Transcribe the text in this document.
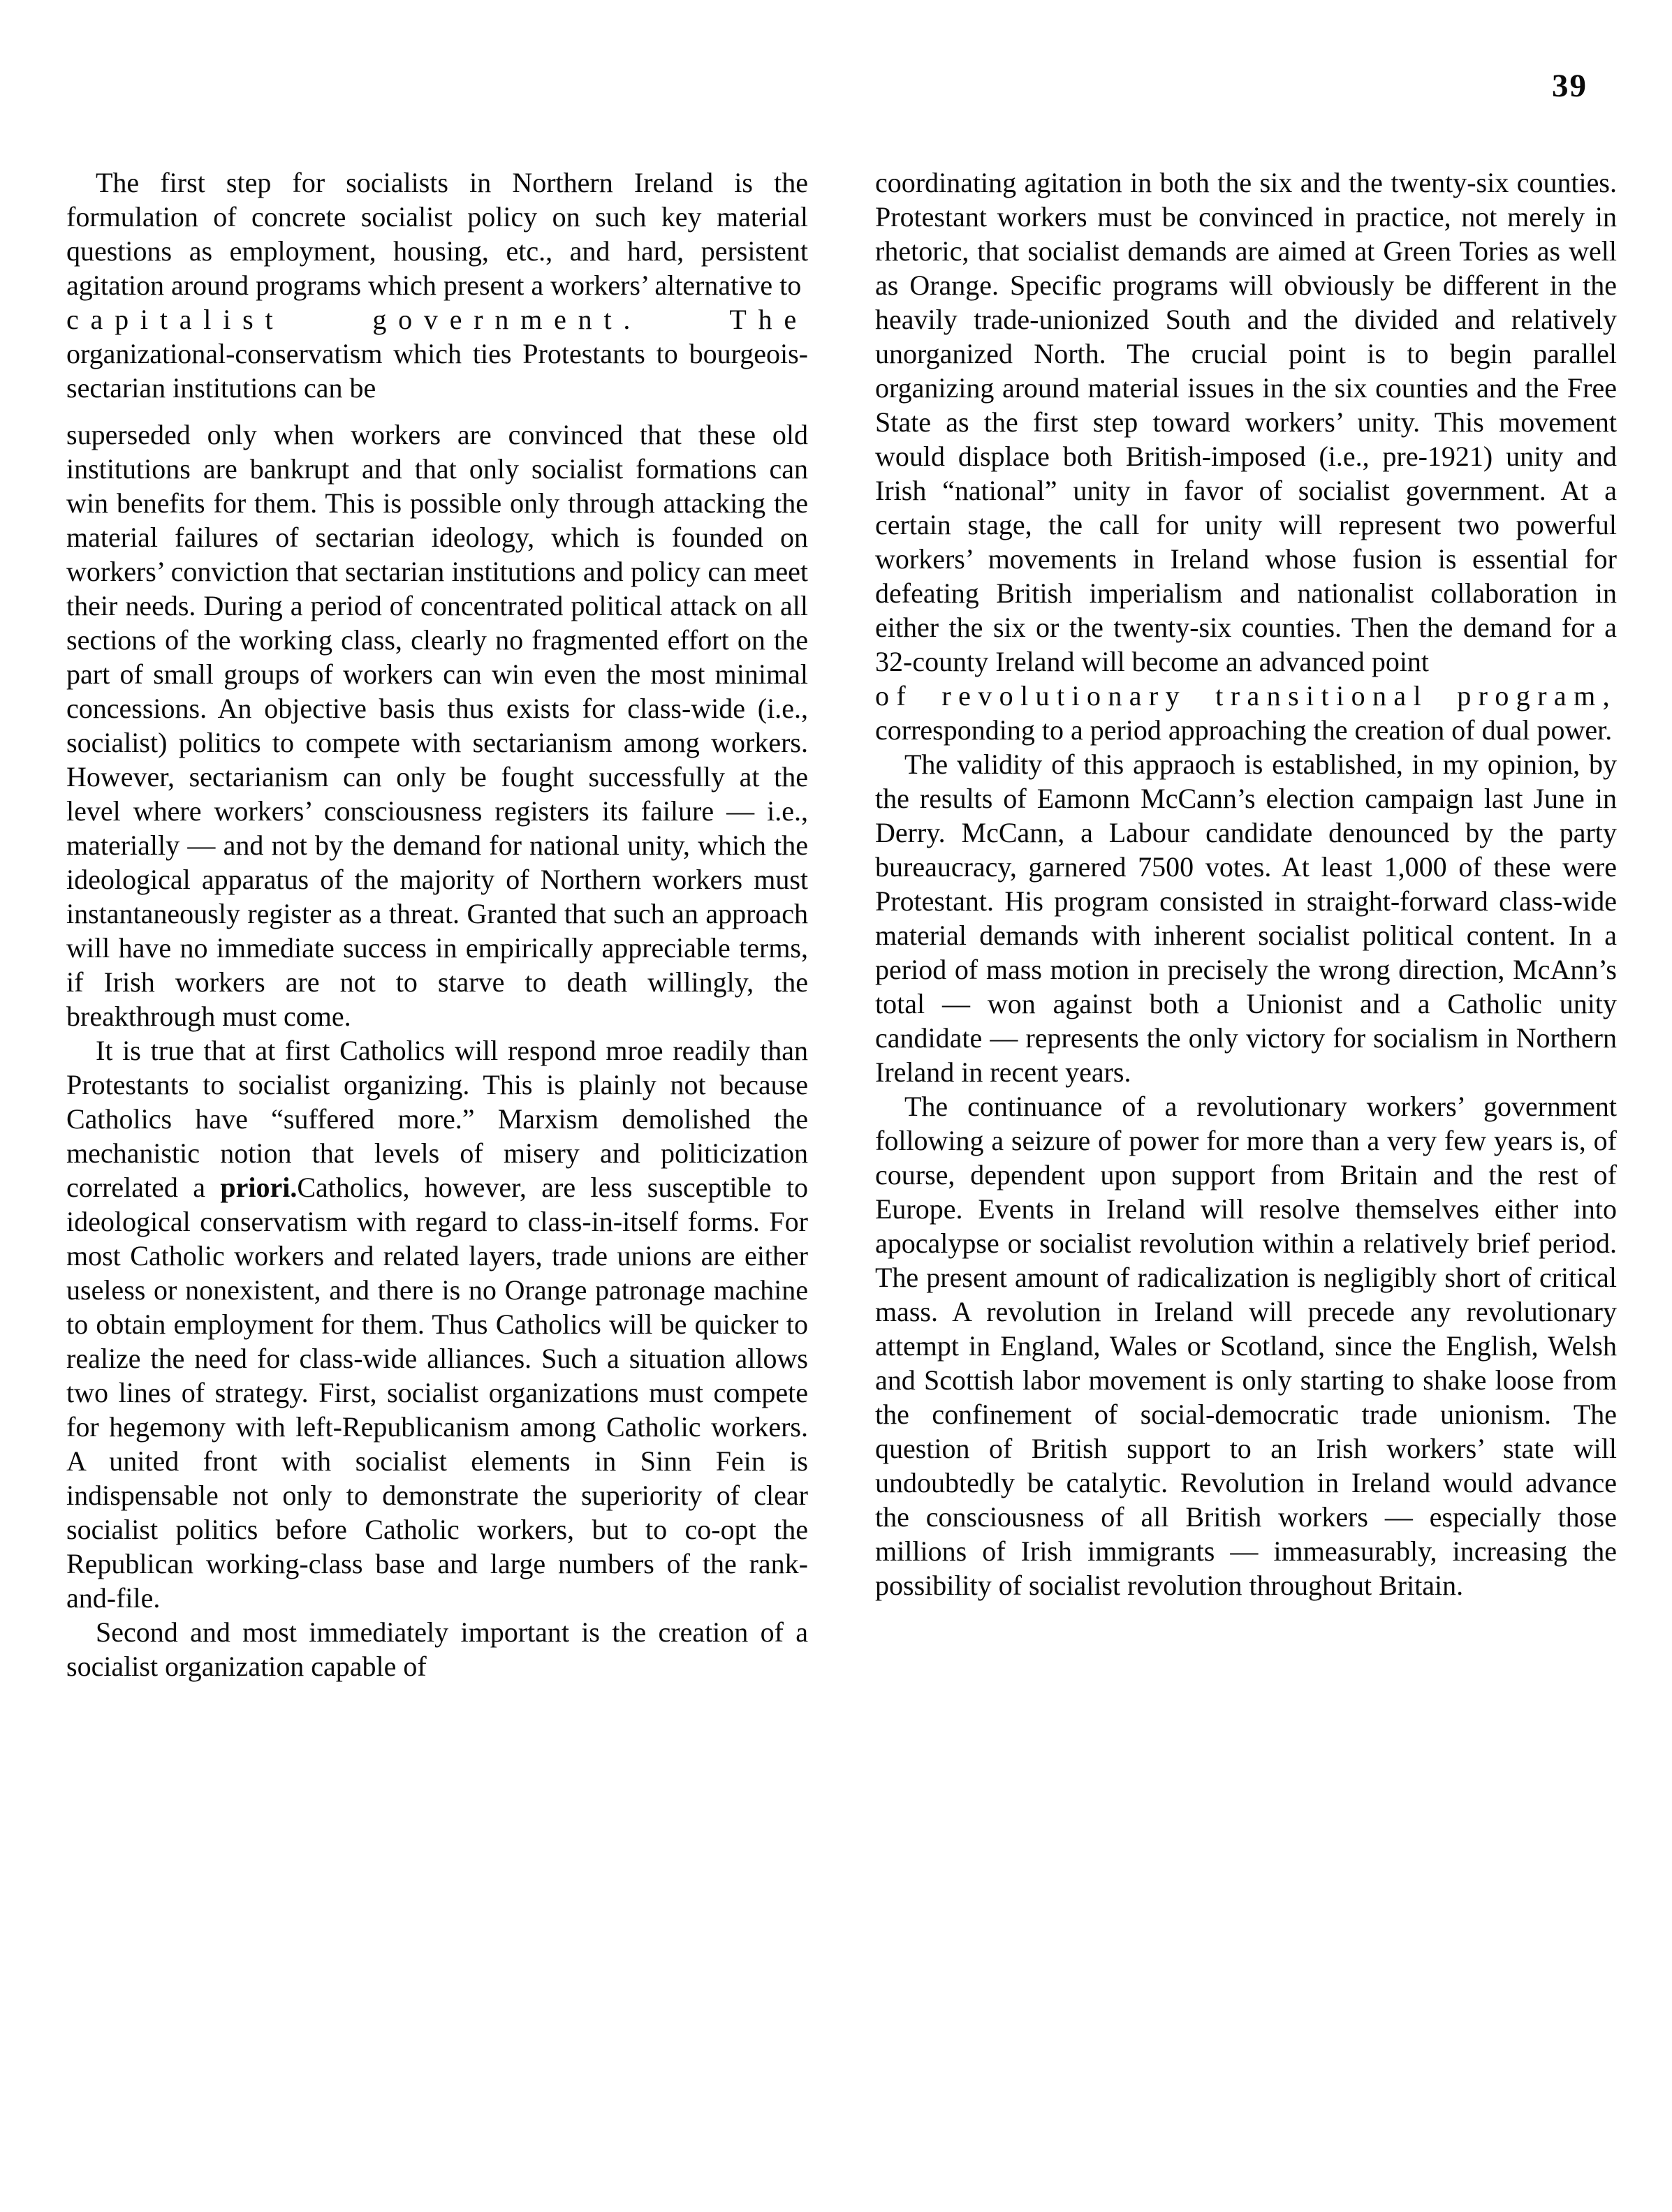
39
The first step for socialists in Northern Ireland is the formulation of concrete socialist policy on such key material questions as employment, housing, etc., and hard, persistent agitation around programs which present a workers’ alternative to
capitalist government. The
organizational-conservatism which ties Protestants to bourgeois-sectarian institutions can be
superseded only when workers are convinced that these old institutions are bankrupt and that only socialist formations can win benefits for them. This is possible only through attacking the material failures of sectarian ideology, which is founded on workers’ conviction that sectarian institutions and policy can meet their needs. During a period of concentrated political attack on all sections of the working class, clearly no fragmented effort on the part of small groups of workers can win even the most minimal concessions. An objective basis thus exists for class-wide (i.e., socialist) politics to compete with sectarianism among workers. However, sectarianism can only be fought successfully at the level where workers’ consciousness registers its failure — i.e., materially — and not by the demand for national unity, which the ideological apparatus of the majority of Northern workers must instantaneously register as a threat. Granted that such an approach will have no immediate success in empirically appreciable terms, if Irish workers are not to starve to death willingly, the breakthrough must come.

It is true that at first Catholics will respond mroe readily than Protestants to socialist organizing. This is plainly not because Catholics have “suffered more.” Marxism demolished the mechanistic notion that levels of misery and politicization correlated a priori.Catholics, however, are less susceptible to ideological conservatism with regard to class-in-itself forms. For most Catholic workers and related layers, trade unions are either useless or nonexistent, and there is no Orange patronage machine to obtain employment for them. Thus Catholics will be quicker to realize the need for class-wide alliances. Such a situation allows two lines of strategy. First, socialist organizations must compete for hegemony with left-Republicanism among Catholic workers. A united front with socialist elements in Sinn Fein is indispensable not only to demonstrate the superiority of clear socialist politics before Catholic workers, but to co-opt the Republican working-class base and large numbers of the rank-and-file.

Second and most immediately important is the creation of a socialist organization capable of

coordinating agitation in both the six and the twenty-six counties. Protestant workers must be convinced in practice, not merely in rhetoric, that socialist demands are aimed at Green Tories as well as Orange. Specific programs will obviously be different in the heavily trade-unionized South and the divided and relatively unorganized North. The crucial point is to begin parallel organizing around material issues in the six counties and the Free State as the first step toward workers’ unity. This movement would displace both British-imposed (i.e., pre-1921) unity and Irish “national” unity in favor of socialist government. At a certain stage, the call for unity will represent two powerful workers’ movements in Ireland whose fusion is essential for defeating British imperialism and nationalist collaboration in either the six or the twenty-six counties. Then the demand for a 32-county Ireland will become an advanced point
of revolutionary transitional program,
corresponding to a period approaching the creation of dual power.

The validity of this appraoch is established, in my opinion, by the results of Eamonn McCann’s election campaign last June in Derry. McCann, a Labour candidate denounced by the party bureaucracy, garnered 7500 votes. At least 1,000 of these were Protestant. His program consisted in straight-forward class-wide material demands with inherent socialist political content. In a period of mass motion in precisely the wrong direction, McAnn’s total — won against both a Unionist and a Catholic unity candidate — represents the only victory for socialism in Northern Ireland in recent years.

The continuance of a revolutionary workers’ government following a seizure of power for more than a very few years is, of course, dependent upon support from Britain and the rest of Europe. Events in Ireland will resolve themselves either into apocalypse or socialist revolution within a relatively brief period. The present amount of radicalization is negligibly short of critical mass. A revolution in Ireland will precede any revolutionary attempt in England, Wales or Scotland, since the English, Welsh and Scottish labor movement is only starting to shake loose from the confinement of social-democratic trade unionism. The question of British support to an Irish workers’ state will undoubtedly be catalytic. Revolution in Ireland would advance the consciousness of all British workers — especially those millions of Irish immigrants — immeasurably, increasing the possibility of socialist revolution throughout Britain.
